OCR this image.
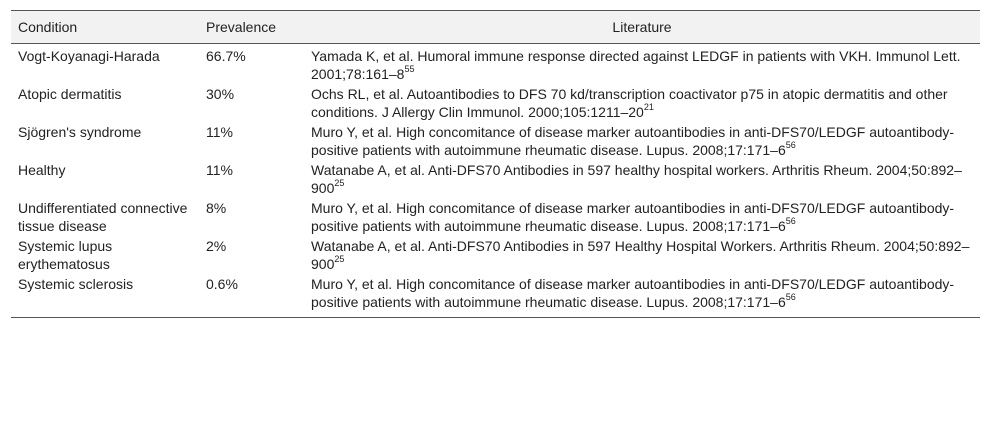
Condition	Prevalence	Literature
Vogt-Koyanagi-Harada	66.7%	Yamada K, et al. Humoral immune response directed against LEDGF in patients with VKH. Immunol Lett. $2001;78:161-8^{55}$
Atopic dermatitis	30%	Ochs RL, et al. Autoantibodies to DFS 70 kd/transcription coactivator p75 in atopic dermatitis and other conditions. J Allergy Clin Immunol. $2000;105:1211-20^{21}$
Sjögren's syndrome	11%	Muro Y, et al. High concomitance of disease marker autoantibodies in anti-DFS70/LEDGF autoantibody-positive patients with autoimmune rheumatic disease. Lupus. $2008;17:171-6^{56}$
Healthy	11%	Watanabe A, et al. Anti-DFS70 Antibodies in 597 healthy hospital workers. Arthritis Rheum. $2004;50:892-900^{25}$
Undifferentiated connective tissue disease	8%	Muro Y, et al. High concomitance of disease marker autoantibodies in anti-DFS70/LEDGF autoantibody-positive patients with autoimmune rheumatic disease. Lupus. $2008;17:171-6^{56}$
Systemic lupus erythematosus	2%	Watanabe A, et al. Anti-DFS70 Antibodies in 597 Healthy Hospital Workers. Arthritis Rheum. $2004;50:892-900^{25}$
Systemic sclerosis	0.6%	Muro Y, et al. High concomitance of disease marker autoantibodies in anti-DFS70/LEDGF autoantibody-positive patients with autoimmune rheumatic disease. Lupus. $2008;17:171-6^{56}$
